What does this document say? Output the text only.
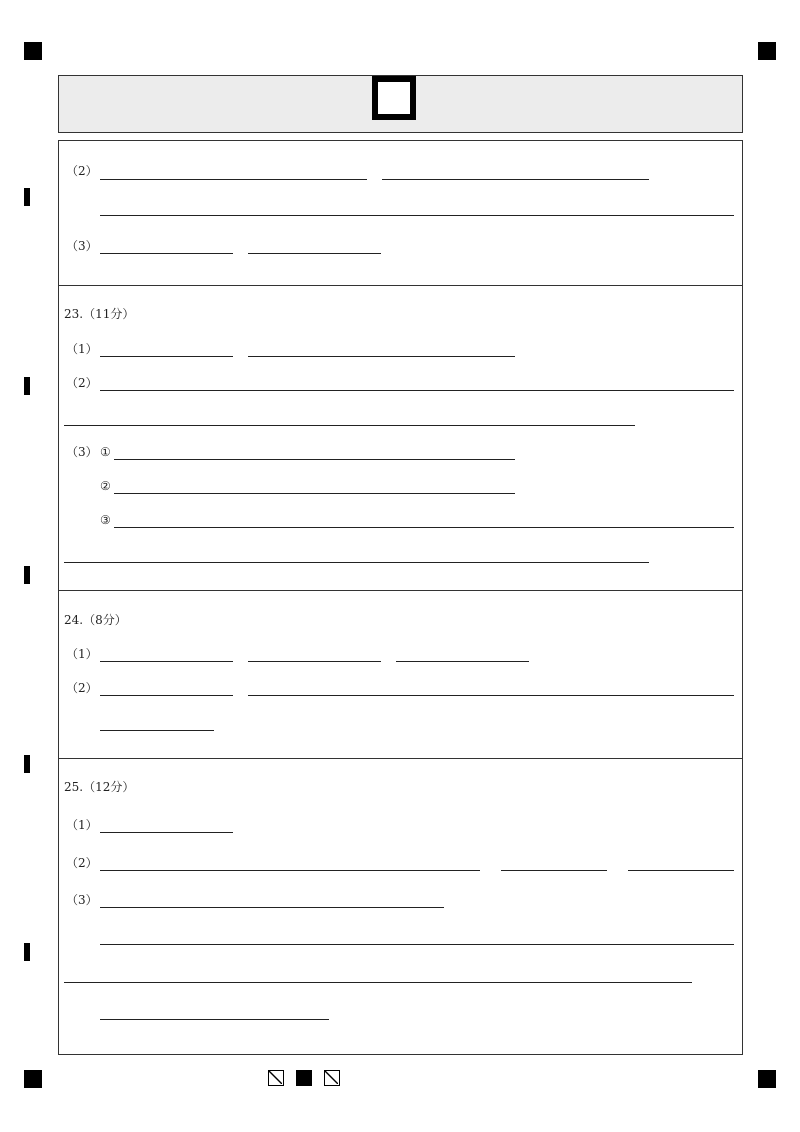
（2）
（3）
23.（11分）
（1）
（2）
（3） ①
②
③
24.（8分）
（1）
（2）
25.（12分）
（1）
（2）
（3）
